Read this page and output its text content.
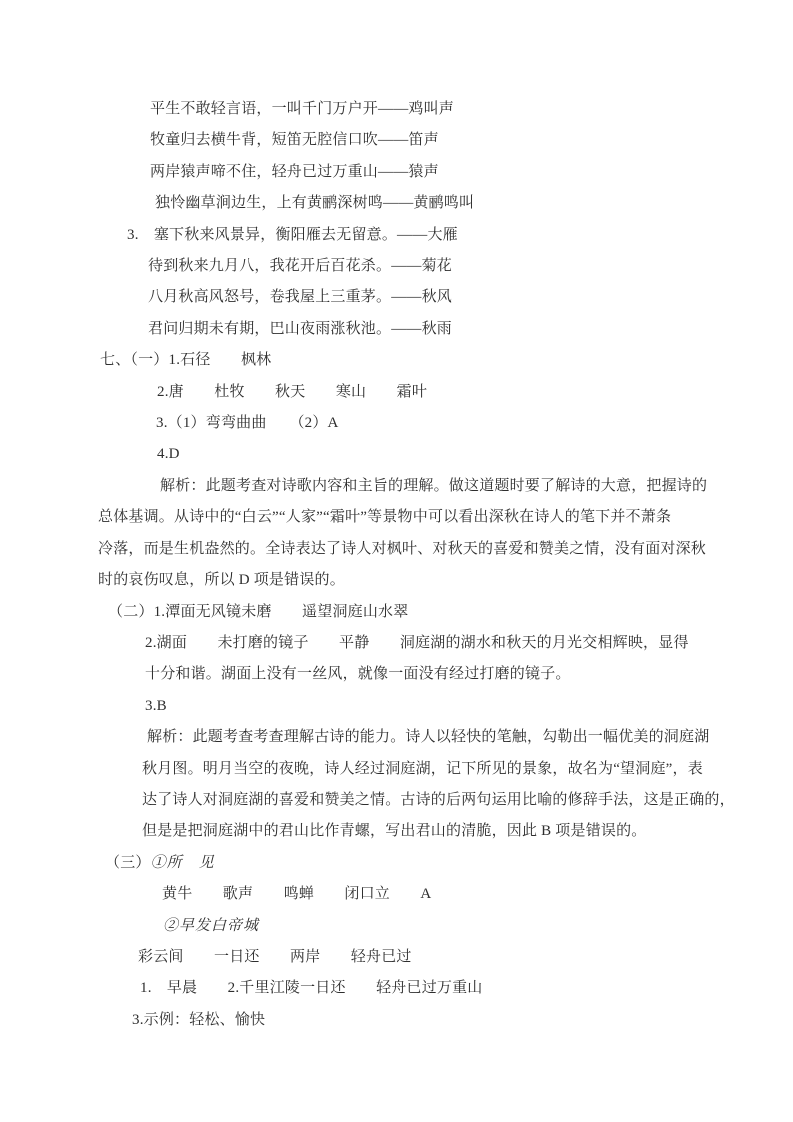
平生不敢轻言语，一叫千门万户开——鸡叫声
牧童归去横牛背，短笛无腔信口吹——笛声
两岸猿声啼不住，轻舟已过万重山——猿声
独怜幽草涧边生，上有黄鹂深树鸣——黄鹂鸣叫
3.　塞下秋来风景异，衡阳雁去无留意。——大雁
待到秋来九月八，我花开后百花杀。——菊花
八月秋高风怒号，卷我屋上三重茅。——秋风
君问归期未有期，巴山夜雨涨秋池。——秋雨
七、（一）1.石径　　枫林
2.唐　　杜牧　　秋天　　寒山　　霜叶
3.（1）弯弯曲曲　　（2）A
4.D
解析：此题考查对诗歌内容和主旨的理解。做这道题时要了解诗的大意，把握诗的
总体基调。从诗中的“白云”“人家”“霜叶”等景物中可以看出深秋在诗人的笔下并不萧条
冷落，而是生机盎然的。全诗表达了诗人对枫叶、对秋天的喜爱和赞美之情，没有面对深秋
时的哀伤叹息，所以 D 项是错误的。
（二）1.潭面无风镜未磨　　遥望洞庭山水翠
2.湖面　　未打磨的镜子　　平静　　洞庭湖的湖水和秋天的月光交相辉映，显得
十分和谐。湖面上没有一丝风，就像一面没有经过打磨的镜子。
3.B
解析：此题考查考查理解古诗的能力。诗人以轻快的笔触，勾勒出一幅优美的洞庭湖
秋月图。明月当空的夜晚，诗人经过洞庭湖，记下所见的景象，故名为“望洞庭”，表
达了诗人对洞庭湖的喜爱和赞美之情。古诗的后两句运用比喻的修辞手法，这是正确的，
但是是把洞庭湖中的君山比作青螺，写出君山的清脆，因此 B 项是错误的。
（三）①所　见
黄牛　　歌声　　鸣蝉　　闭口立　　A
②早发白帝城
彩云间　　一日还　　两岸　　轻舟已过
1.　早晨　　2.千里江陵一日还　　轻舟已过万重山
3.示例：轻松、愉快
